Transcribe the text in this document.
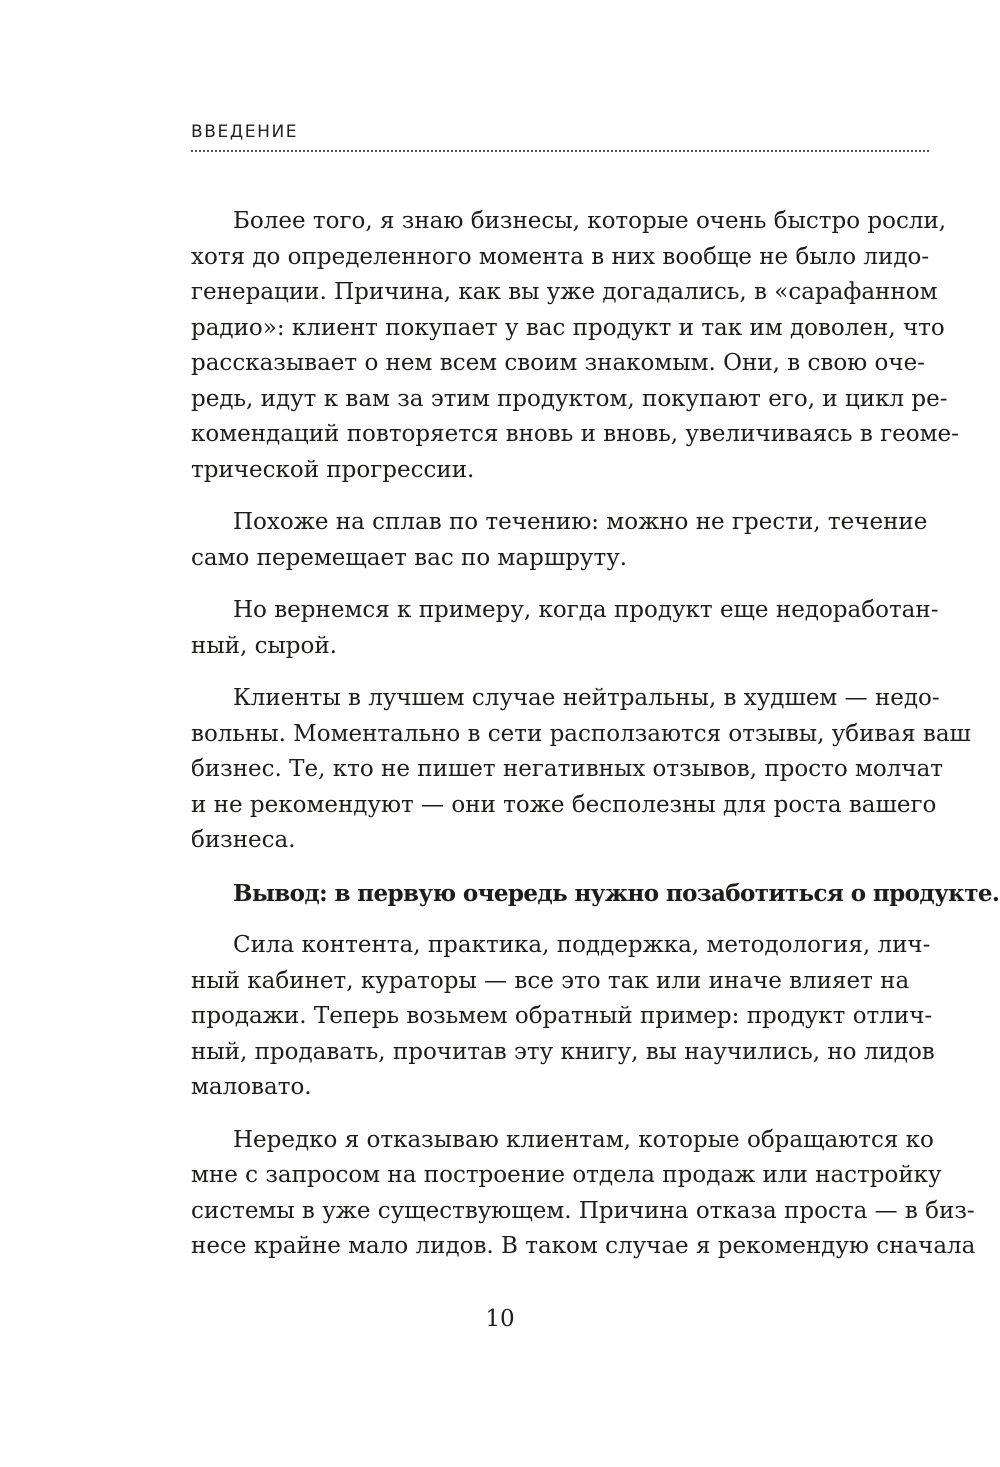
ВВЕДЕНИЕ

Более того, я знаю бизнесы, которые очень быстро росли,
хотя до определенного момента в них вообще не было лидо-
генерации. Причина, как вы уже догадались, в «сарафанном
радио»: клиент покупает у вас продукт и так им доволен, что
рассказывает о нем всем своим знакомым. Они, в свою оче-
редь, идут к вам за этим продуктом, покупают его, и цикл ре-
комендаций повторяется вновь и вновь, увеличиваясь в геоме-
трической прогрессии.

Похоже на сплав по течению: можно не грести, течение
само перемещает вас по маршруту.

Но вернемся к примеру, когда продукт еще недоработан-
ный, сырой.

Клиенты в лучшем случае нейтральны, в худшем — недо-
вольны. Моментально в сети расползаются отзывы, убивая ваш
бизнес. Те, кто не пишет негативных отзывов, просто молчат
и не рекомендуют — они тоже бесполезны для роста вашего
бизнеса.

Вывод: в первую очередь нужно позаботиться о продукте.

Сила контента, практика, поддержка, методология, лич-
ный кабинет, кураторы — все это так или иначе влияет на
продажи. Теперь возьмем обратный пример: продукт отлич-
ный, продавать, прочитав эту книгу, вы научились, но лидов
маловато.

Нередко я отказываю клиентам, которые обращаются ко
мне с запросом на построение отдела продаж или настройку
системы в уже существующем. Причина отказа проста — в биз-
несе крайне мало лидов. В таком случае я рекомендую сначала

10
